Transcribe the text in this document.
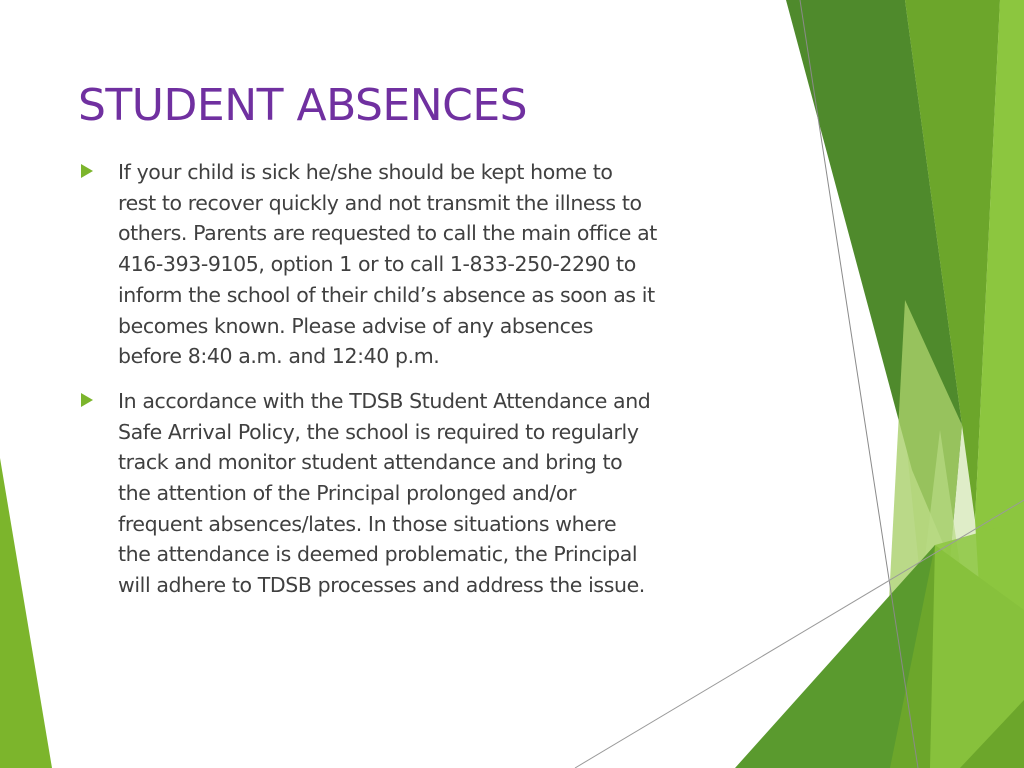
STUDENT ABSENCES
If your child is sick he/she should be kept home to
rest to recover quickly and not transmit the illness to
others. Parents are requested to call the main office at
416-393-9105, option 1 or to call 1-833-250-2290 to
inform the school of their child’s absence as soon as it
becomes known. Please advise of any absences
before 8:40 a.m. and 12:40 p.m.
In accordance with the TDSB Student Attendance and
Safe Arrival Policy, the school is required to regularly
track and monitor student attendance and bring to
the attention of the Principal prolonged and/or
frequent absences/lates. In those situations where
the attendance is deemed problematic, the Principal
will adhere to TDSB processes and address the issue.
